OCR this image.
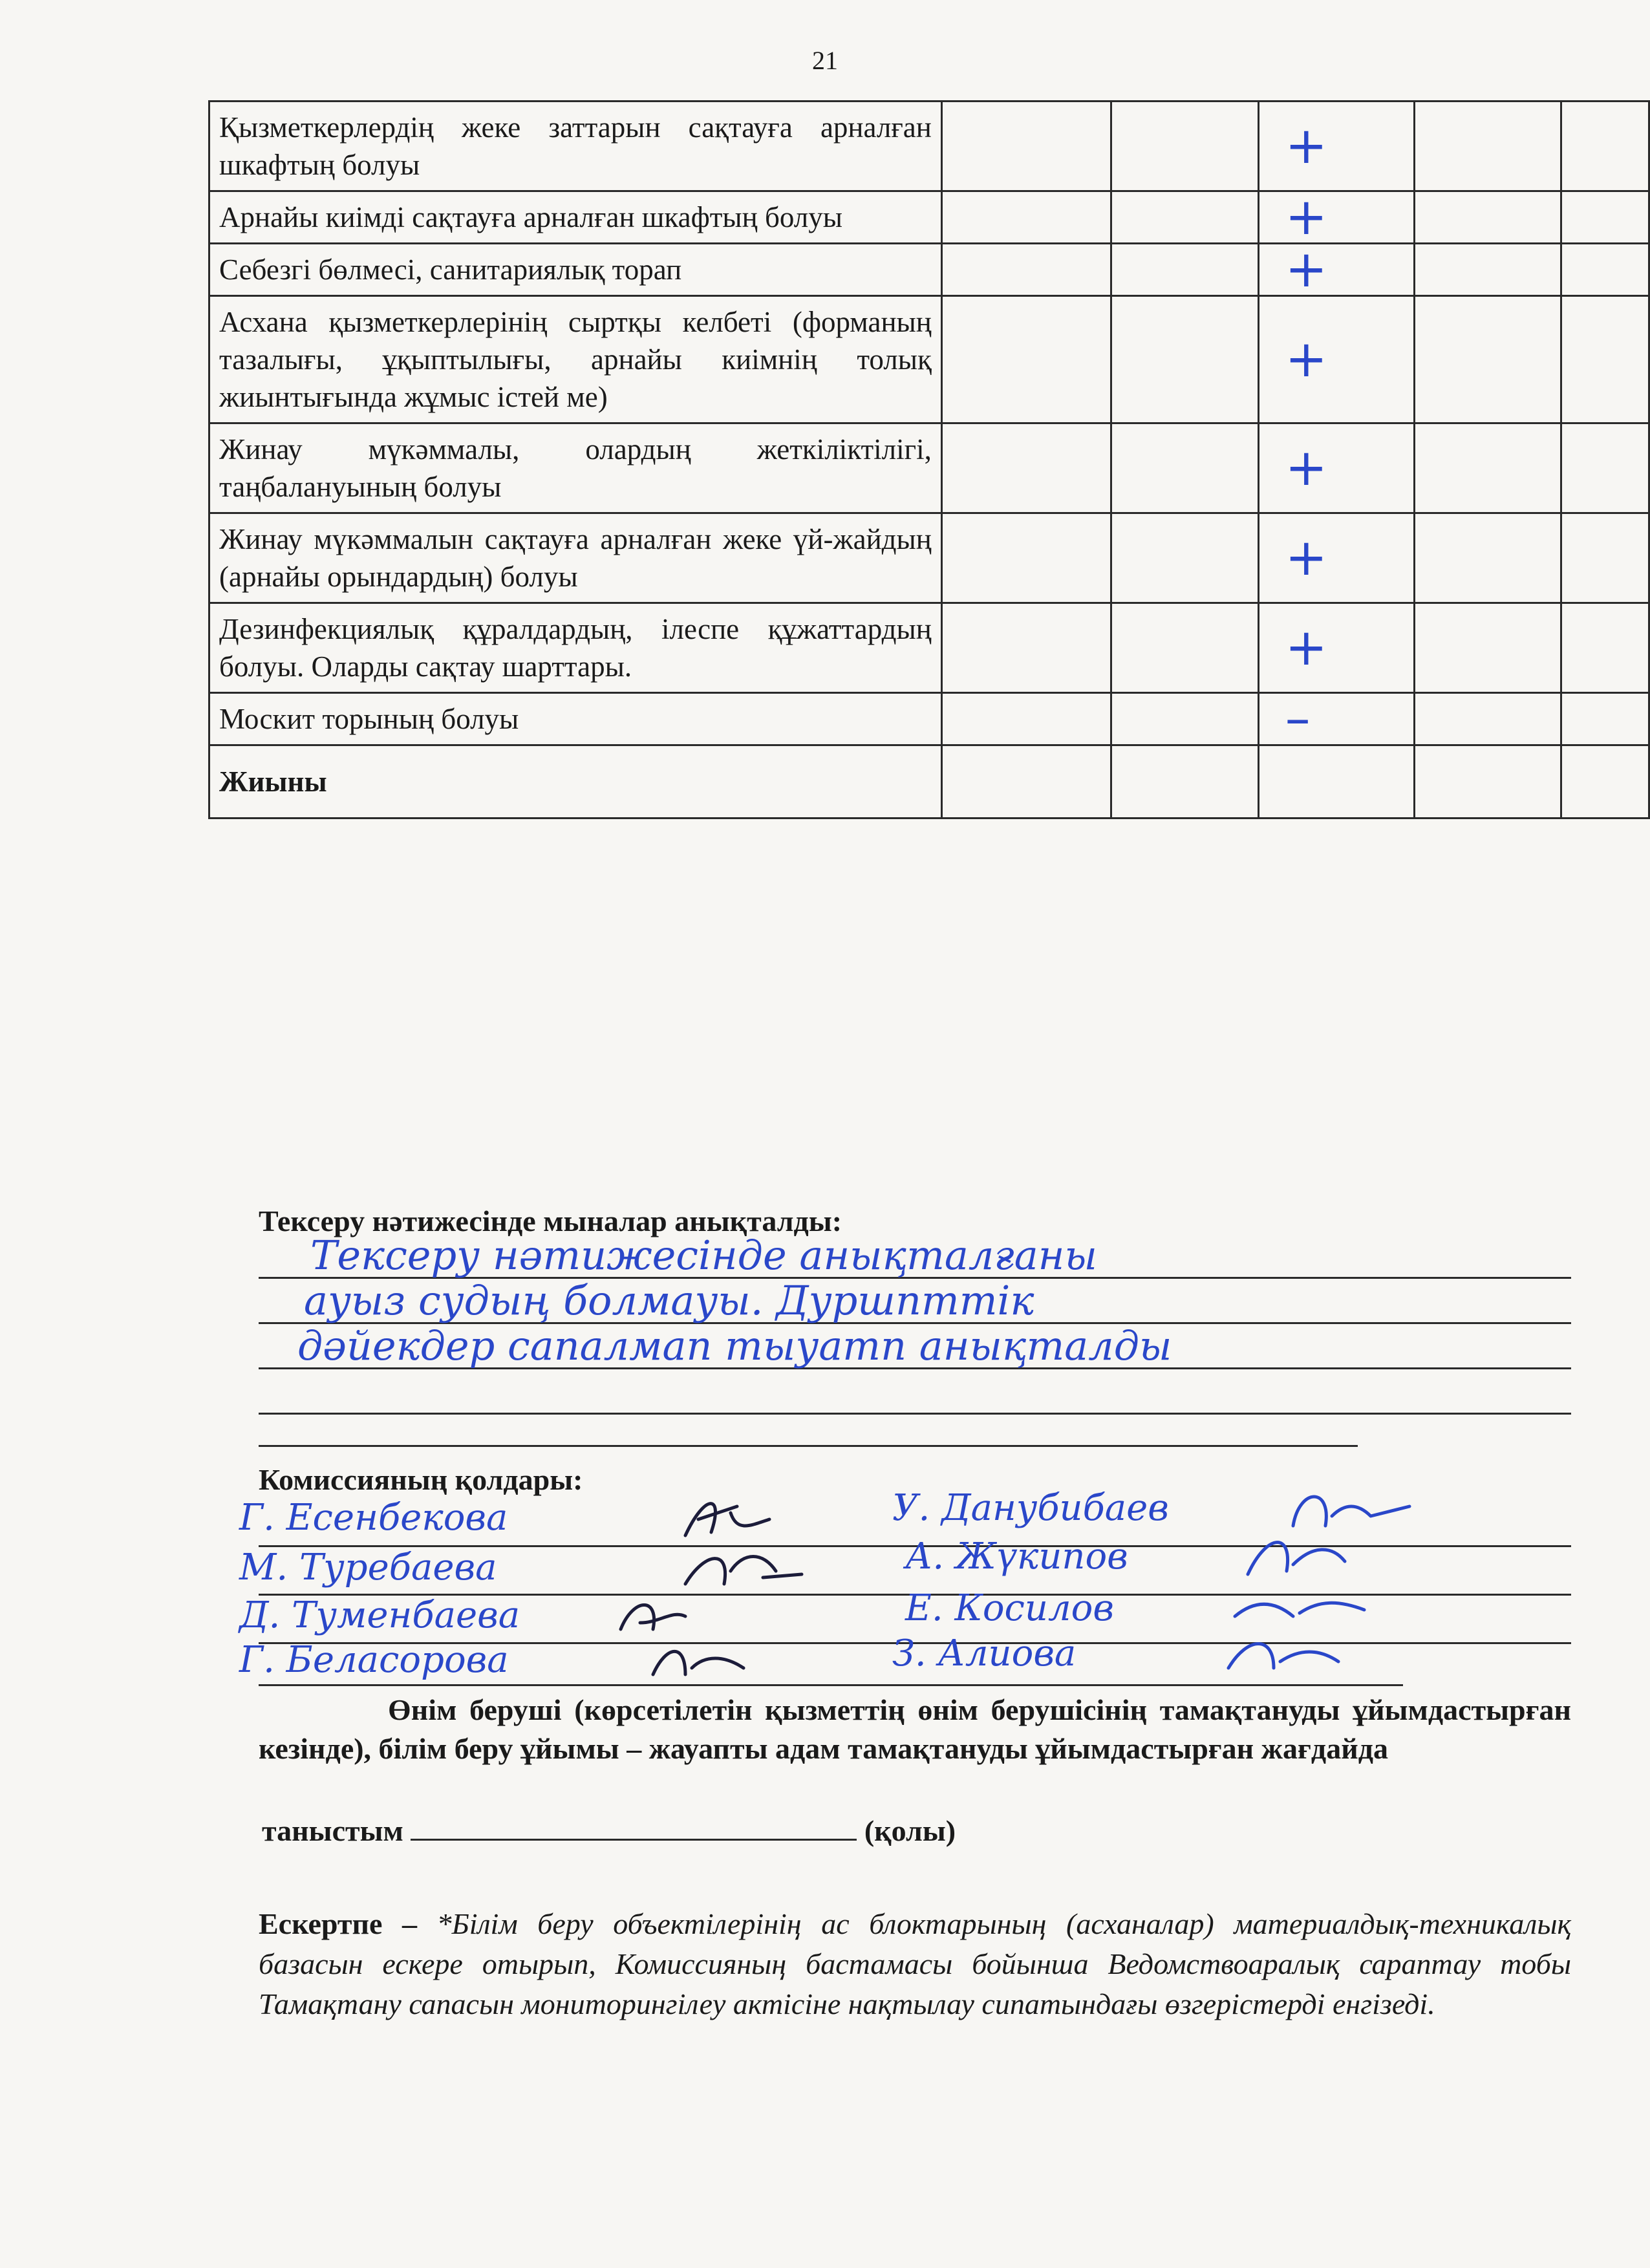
21
Қызметкерлердің жеке заттарын сақтауға арналған шкафтың болуы			+		
Арнайы киімді сақтауға арналған шкафтың болуы			+		
Себезгі бөлмесі, санитариялық торап			+		
Асхана қызметкерлерінің сыртқы келбеті (форманың тазалығы, ұқыптылығы, арнайы киімнің толық жиынтығында жұмыс істей ме)			+		
Жинау мүкәммалы, олардың жеткіліктілігі, таңбалануының болуы			+		
Жинау мүкәммалын сақтауға арналған жеке үй-жайдың (арнайы орындардың) болуы			+		
Дезинфекциялық құралдардың, ілеспе құжаттардың болуы. Оларды сақтау шарттары.			+		
Москит торының болуы			–		
Жиыны					
Тексеру нәтижесінде мыналар анықталды:
Тексеру нәтижесінде анықталғаны
ауыз судың болмауы. Дуршпттік
дәйекдер сапалмап тыуатп анықталды
Комиссияның қолдары:
Г. Есенбекова
М. Туребаева
Д. Туменбаева
Г. Беласорова
У. Данубибаев
А. Жүкипов
Е. Косилов
З. Алиова
Өнім беруші (көрсетілетін қызметтің өнім берушісінің тамақтануды ұйымдастырған кезінде), білім беру ұйымы – жауапты адам тамақтануды ұйымдастырған жағдайда
таныстым	(қолы)
Ескертпе – *Білім беру объектілерінің ас блоктарының (асханалар) материалдық-техникалық базасын ескере отырып, Комиссияның бастамасы бойынша Ведомствоаралық сараптау тобы Тамақтану сапасын мониторингілеу актісіне нақтылау сипатындағы өзгерістерді енгізеді.
